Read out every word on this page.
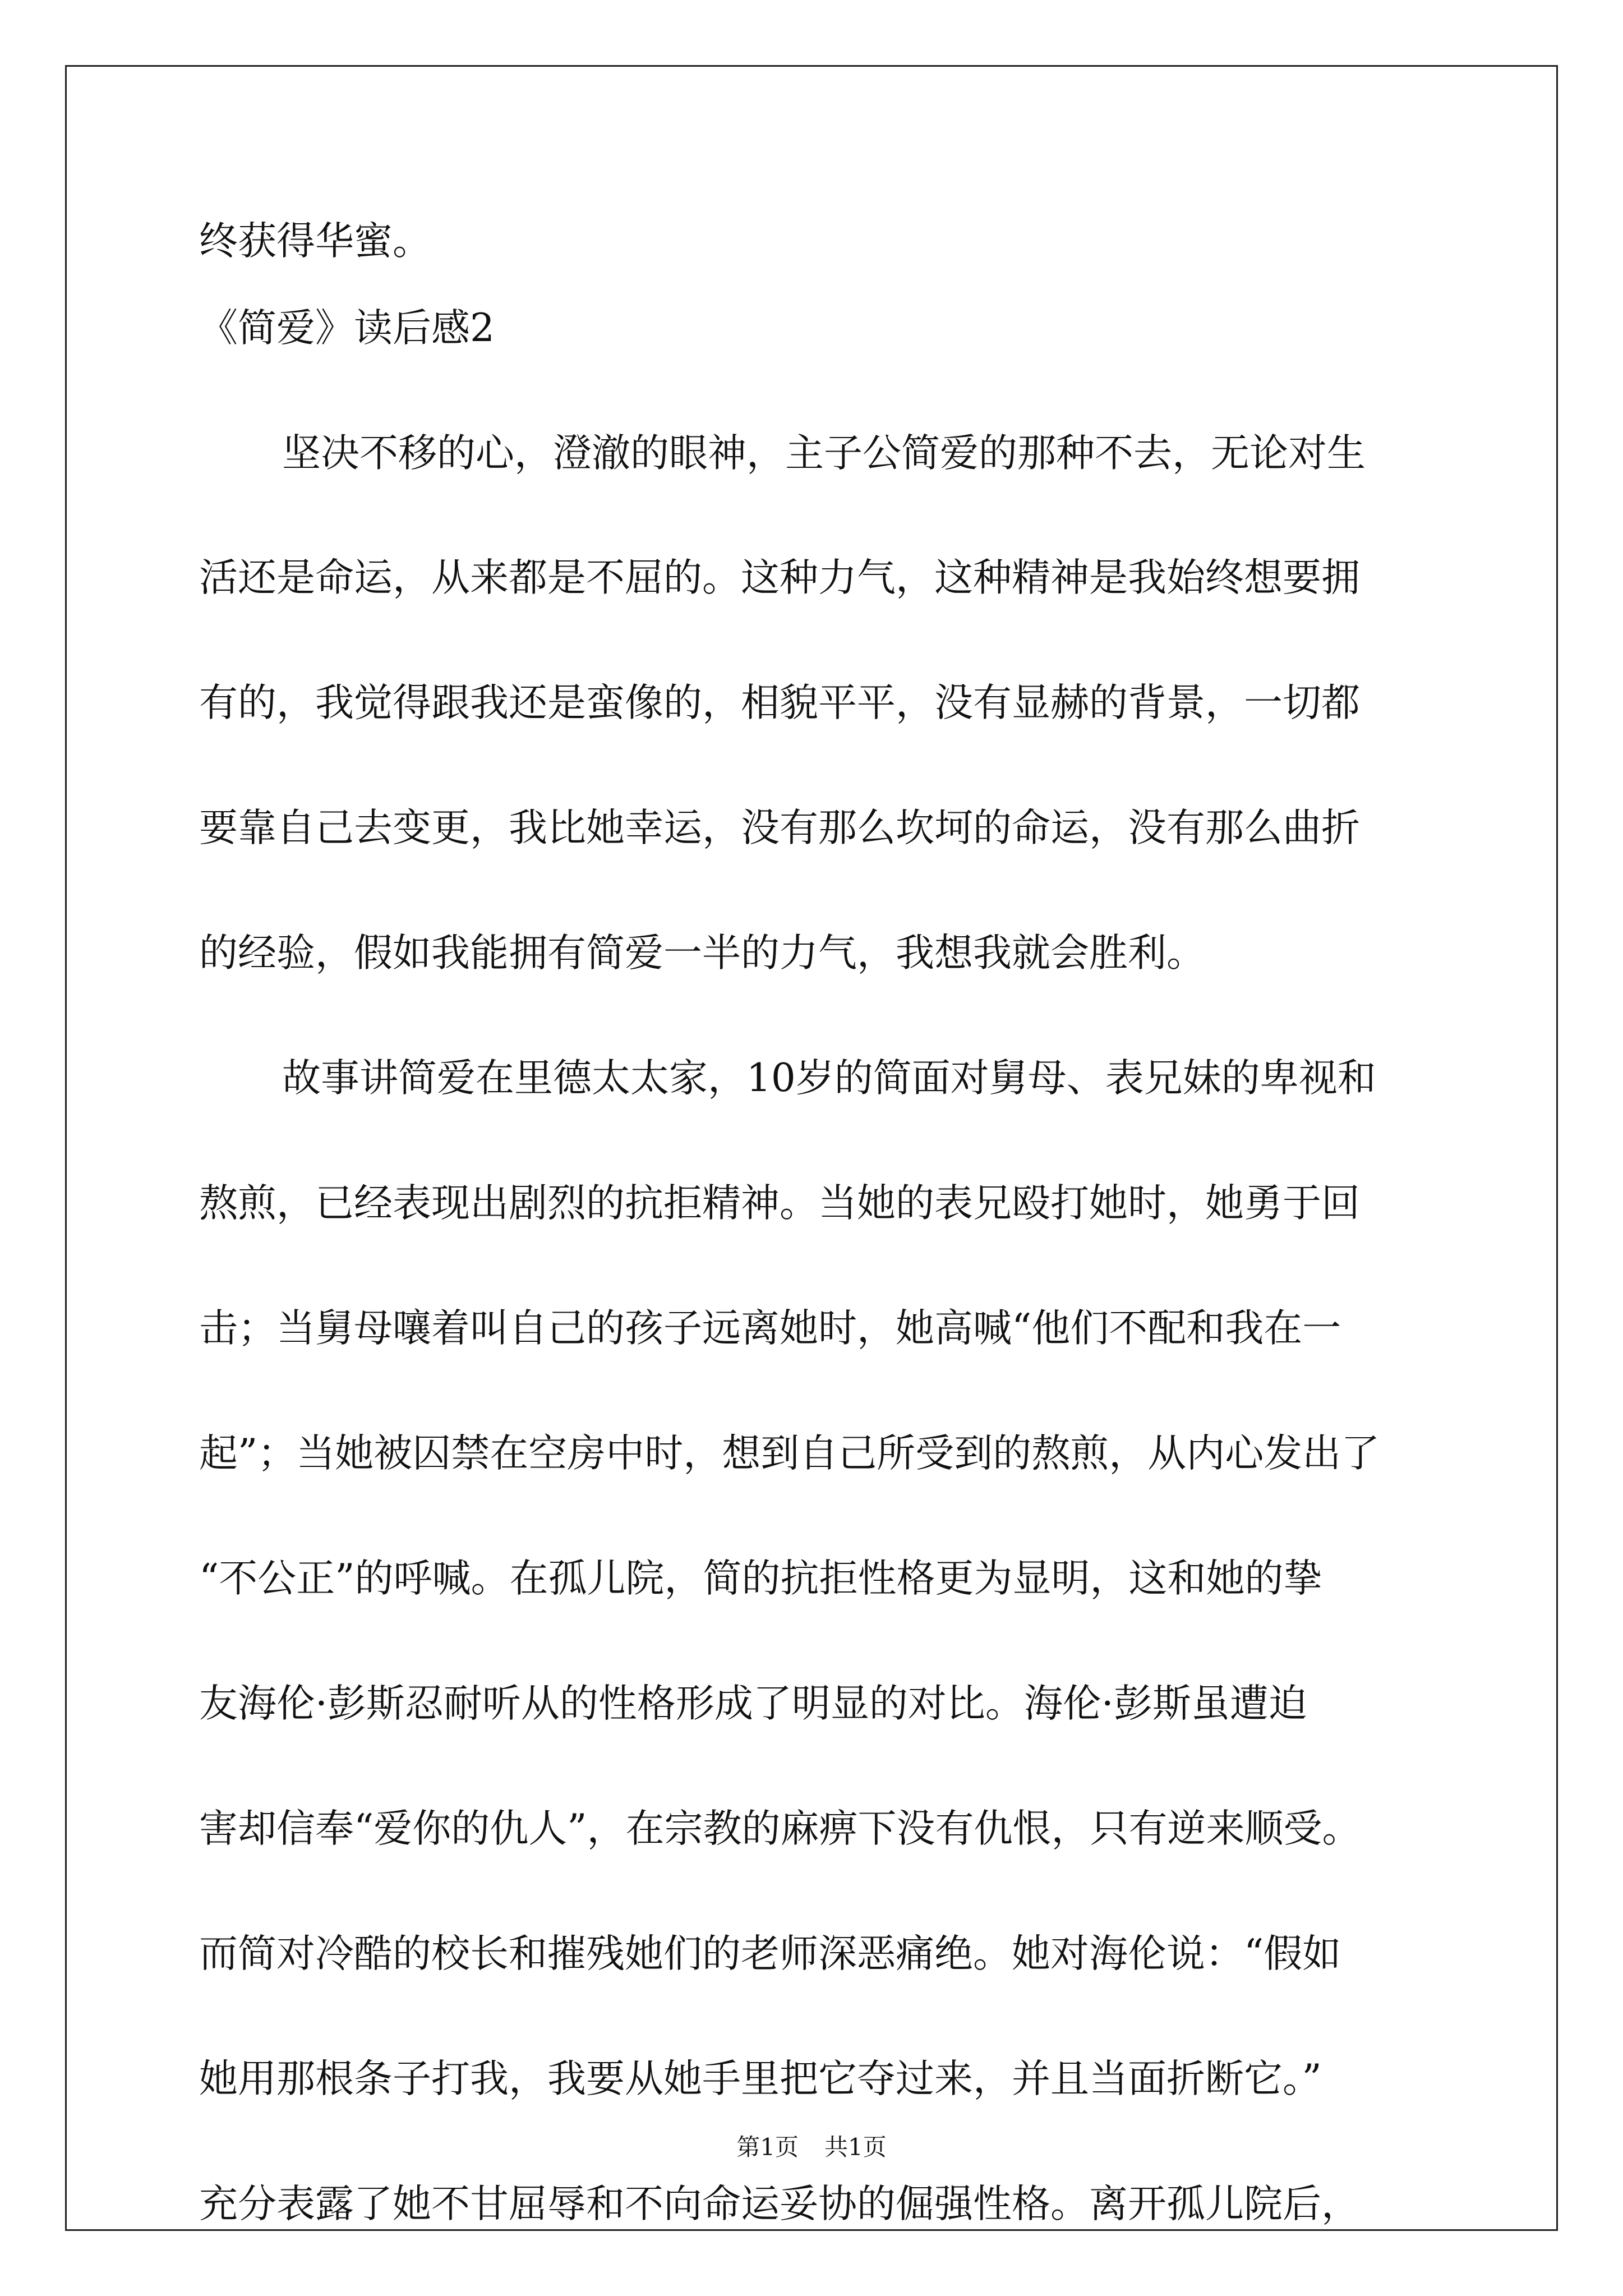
终获得华蜜。
《简爱》读后感2
坚决不移的心，澄澈的眼神，主子公简爱的那种不去，无论对生
活还是命运，从来都是不屈的。这种力气，这种精神是我始终想要拥
有的，我觉得跟我还是蛮像的，相貌平平，没有显赫的背景，一切都
要靠自己去变更，我比她幸运，没有那么坎坷的命运，没有那么曲折
的经验，假如我能拥有简爱一半的力气，我想我就会胜利。
故事讲简爱在里德太太家，10岁的简面对舅母、表兄妹的卑视和
熬煎，已经表现出剧烈的抗拒精神。当她的表兄殴打她时，她勇于回
击；当舅母嚷着叫自己的孩子远离她时，她高喊“他们不配和我在一
起”；当她被囚禁在空房中时，想到自己所受到的熬煎，从内心发出了
“不公正”的呼喊。在孤儿院，简的抗拒性格更为显明，这和她的挚
友海伦·彭斯忍耐听从的性格形成了明显的对比。海伦·彭斯虽遭迫
害却信奉“爱你的仇人”，在宗教的麻痹下没有仇恨，只有逆来顺受。
而简对冷酷的校长和摧残她们的老师深恶痛绝。她对海伦说：“假如
她用那根条子打我，我要从她手里把它夺过来，并且当面折断它。”
充分表露了她不甘屈辱和不向命运妥协的倔强性格。离开孤儿院后，
第1页 共1页
